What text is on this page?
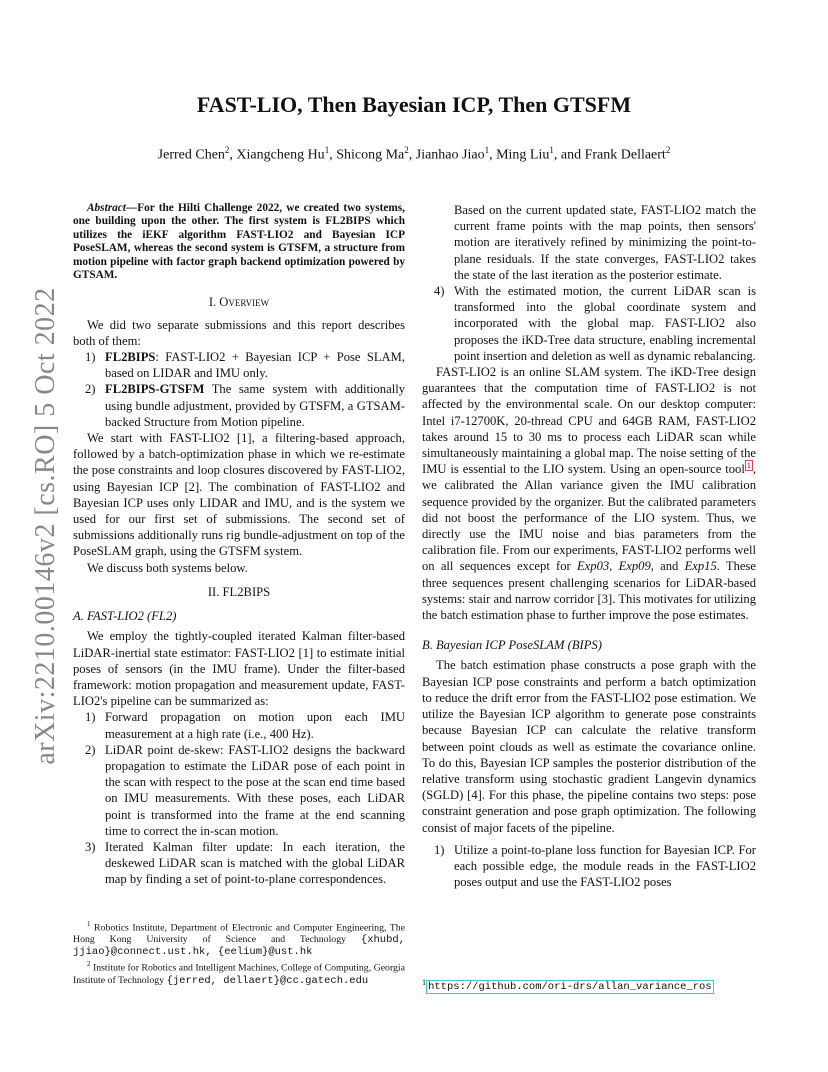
FAST-LIO, Then Bayesian ICP, Then GTSFM
Jerred Chen$^2$, Xiangcheng Hu$^1$, Shicong Ma$^2$, Jianhao Jiao$^1$, Ming Liu$^1$, and Frank Dellaert$^2$
arXiv:2210.00146v2 [cs.RO] 5 Oct 2022

Abstract—For the Hilti Challenge 2022, we created two systems, one building upon the other. The first system is FL2BIPS which utilizes the iEKF algorithm FAST-LIO2 and Bayesian ICP PoseSLAM, whereas the second system is GTSFM, a structure from motion pipeline with factor graph backend optimization powered by GTSAM.

I. Overview

We did two separate submissions and this report describes both of them:

1) FL2BIPS: FAST-LIO2 + Bayesian ICP + Pose SLAM, based on LIDAR and IMU only.
2) FL2BIPS-GTSFM The same system with additionally using bundle adjustment, provided by GTSFM, a GTSAM-backed Structure from Motion pipeline.

We start with FAST-LIO2 [1], a filtering-based approach, followed by a batch-optimization phase in which we re-estimate the pose constraints and loop closures discovered by FAST-LIO2, using Bayesian ICP [2]. The combination of FAST-LIO2 and Bayesian ICP uses only LIDAR and IMU, and is the system we used for our first set of submissions. The second set of submissions additionally runs rig bundle-adjustment on top of the PoseSLAM graph, using the GTSFM system.

We discuss both systems below.

II. FL2BIPS
A. FAST-LIO2 (FL2)

We employ the tightly-coupled iterated Kalman filter-based LiDAR-inertial state estimator: FAST-LIO2 [1] to estimate initial poses of sensors (in the IMU frame). Under the filter-based framework: motion propagation and measurement update, FAST-LIO2's pipeline can be summarized as:

1) Forward propagation on motion upon each IMU measurement at a high rate (i.e., 400 Hz).
2) LiDAR point de-skew: FAST-LIO2 designs the backward propagation to estimate the LiDAR pose of each point in the scan with respect to the pose at the scan end time based on IMU measurements. With these poses, each LiDAR point is transformed into the frame at the end scanning time to correct the in-scan motion.
3) Iterated Kalman filter update: In each iteration, the deskewed LiDAR scan is matched with the global LiDAR map by finding a set of point-to-plane correspondences.

$^1$ Robotics Institute, Department of Electronic and Computer Engineering, The Hong Kong University of Science and Technology {xhubd, jjiao}@connect.ust.hk, {eelium}@ust.hk

$^2$ Institute for Robotics and Intelligent Machines, College of Computing, Georgia Institute of Technology {jerred, dellaert}@cc.gatech.edu

Based on the current updated state, FAST-LIO2 match the current frame points with the map points, then sensors' motion are iteratively refined by minimizing the point-to-plane residuals. If the state converges, FAST-LIO2 takes the state of the last iteration as the posterior estimate.
4) With the estimated motion, the current LiDAR scan is transformed into the global coordinate system and incorporated with the global map. FAST-LIO2 also proposes the iKD-Tree data structure, enabling incremental point insertion and deletion as well as dynamic rebalancing.

FAST-LIO2 is an online SLAM system. The iKD-Tree design guarantees that the computation time of FAST-LIO2 is not affected by the environmental scale. On our desktop computer: Intel i7-12700K, 20-thread CPU and 64GB RAM, FAST-LIO2 takes around 15 to 30 ms to process each LiDAR scan while simultaneously maintaining a global map. The noise setting of the IMU is essential to the LIO system. Using an open-source tool $^1$ , we calibrated the Allan variance given the IMU calibration sequence provided by the organizer. But the calibrated parameters did not boost the performance of the LIO system. Thus, we directly use the IMU noise and bias parameters from the calibration file. From our experiments, FAST-LIO2 performs well on all sequences except for Exp03, Exp09, and Exp15. These three sequences present challenging scenarios for LiDAR-based systems: stair and narrow corridor [3]. This motivates for utilizing the batch estimation phase to further improve the pose estimates.

B. Bayesian ICP PoseSLAM (BIPS)

The batch estimation phase constructs a pose graph with the Bayesian ICP pose constraints and perform a batch optimization to reduce the drift error from the FAST-LIO2 pose estimation. We utilize the Bayesian ICP algorithm to generate pose constraints because Bayesian ICP can calculate the relative transform between point clouds as well as estimate the covariance online. To do this, Bayesian ICP samples the posterior distribution of the relative transform using stochastic gradient Langevin dynamics (SGLD) [4]. For this phase, the pipeline contains two steps: pose constraint generation and pose graph optimization. The following consist of major facets of the pipeline.

1) Utilize a point-to-plane loss function for Bayesian ICP. For each possible edge, the module reads in the FAST-LIO2 poses output and use the FAST-LIO2 poses
$^1$ https://github.com/ori-drs/allan_variance_ros
